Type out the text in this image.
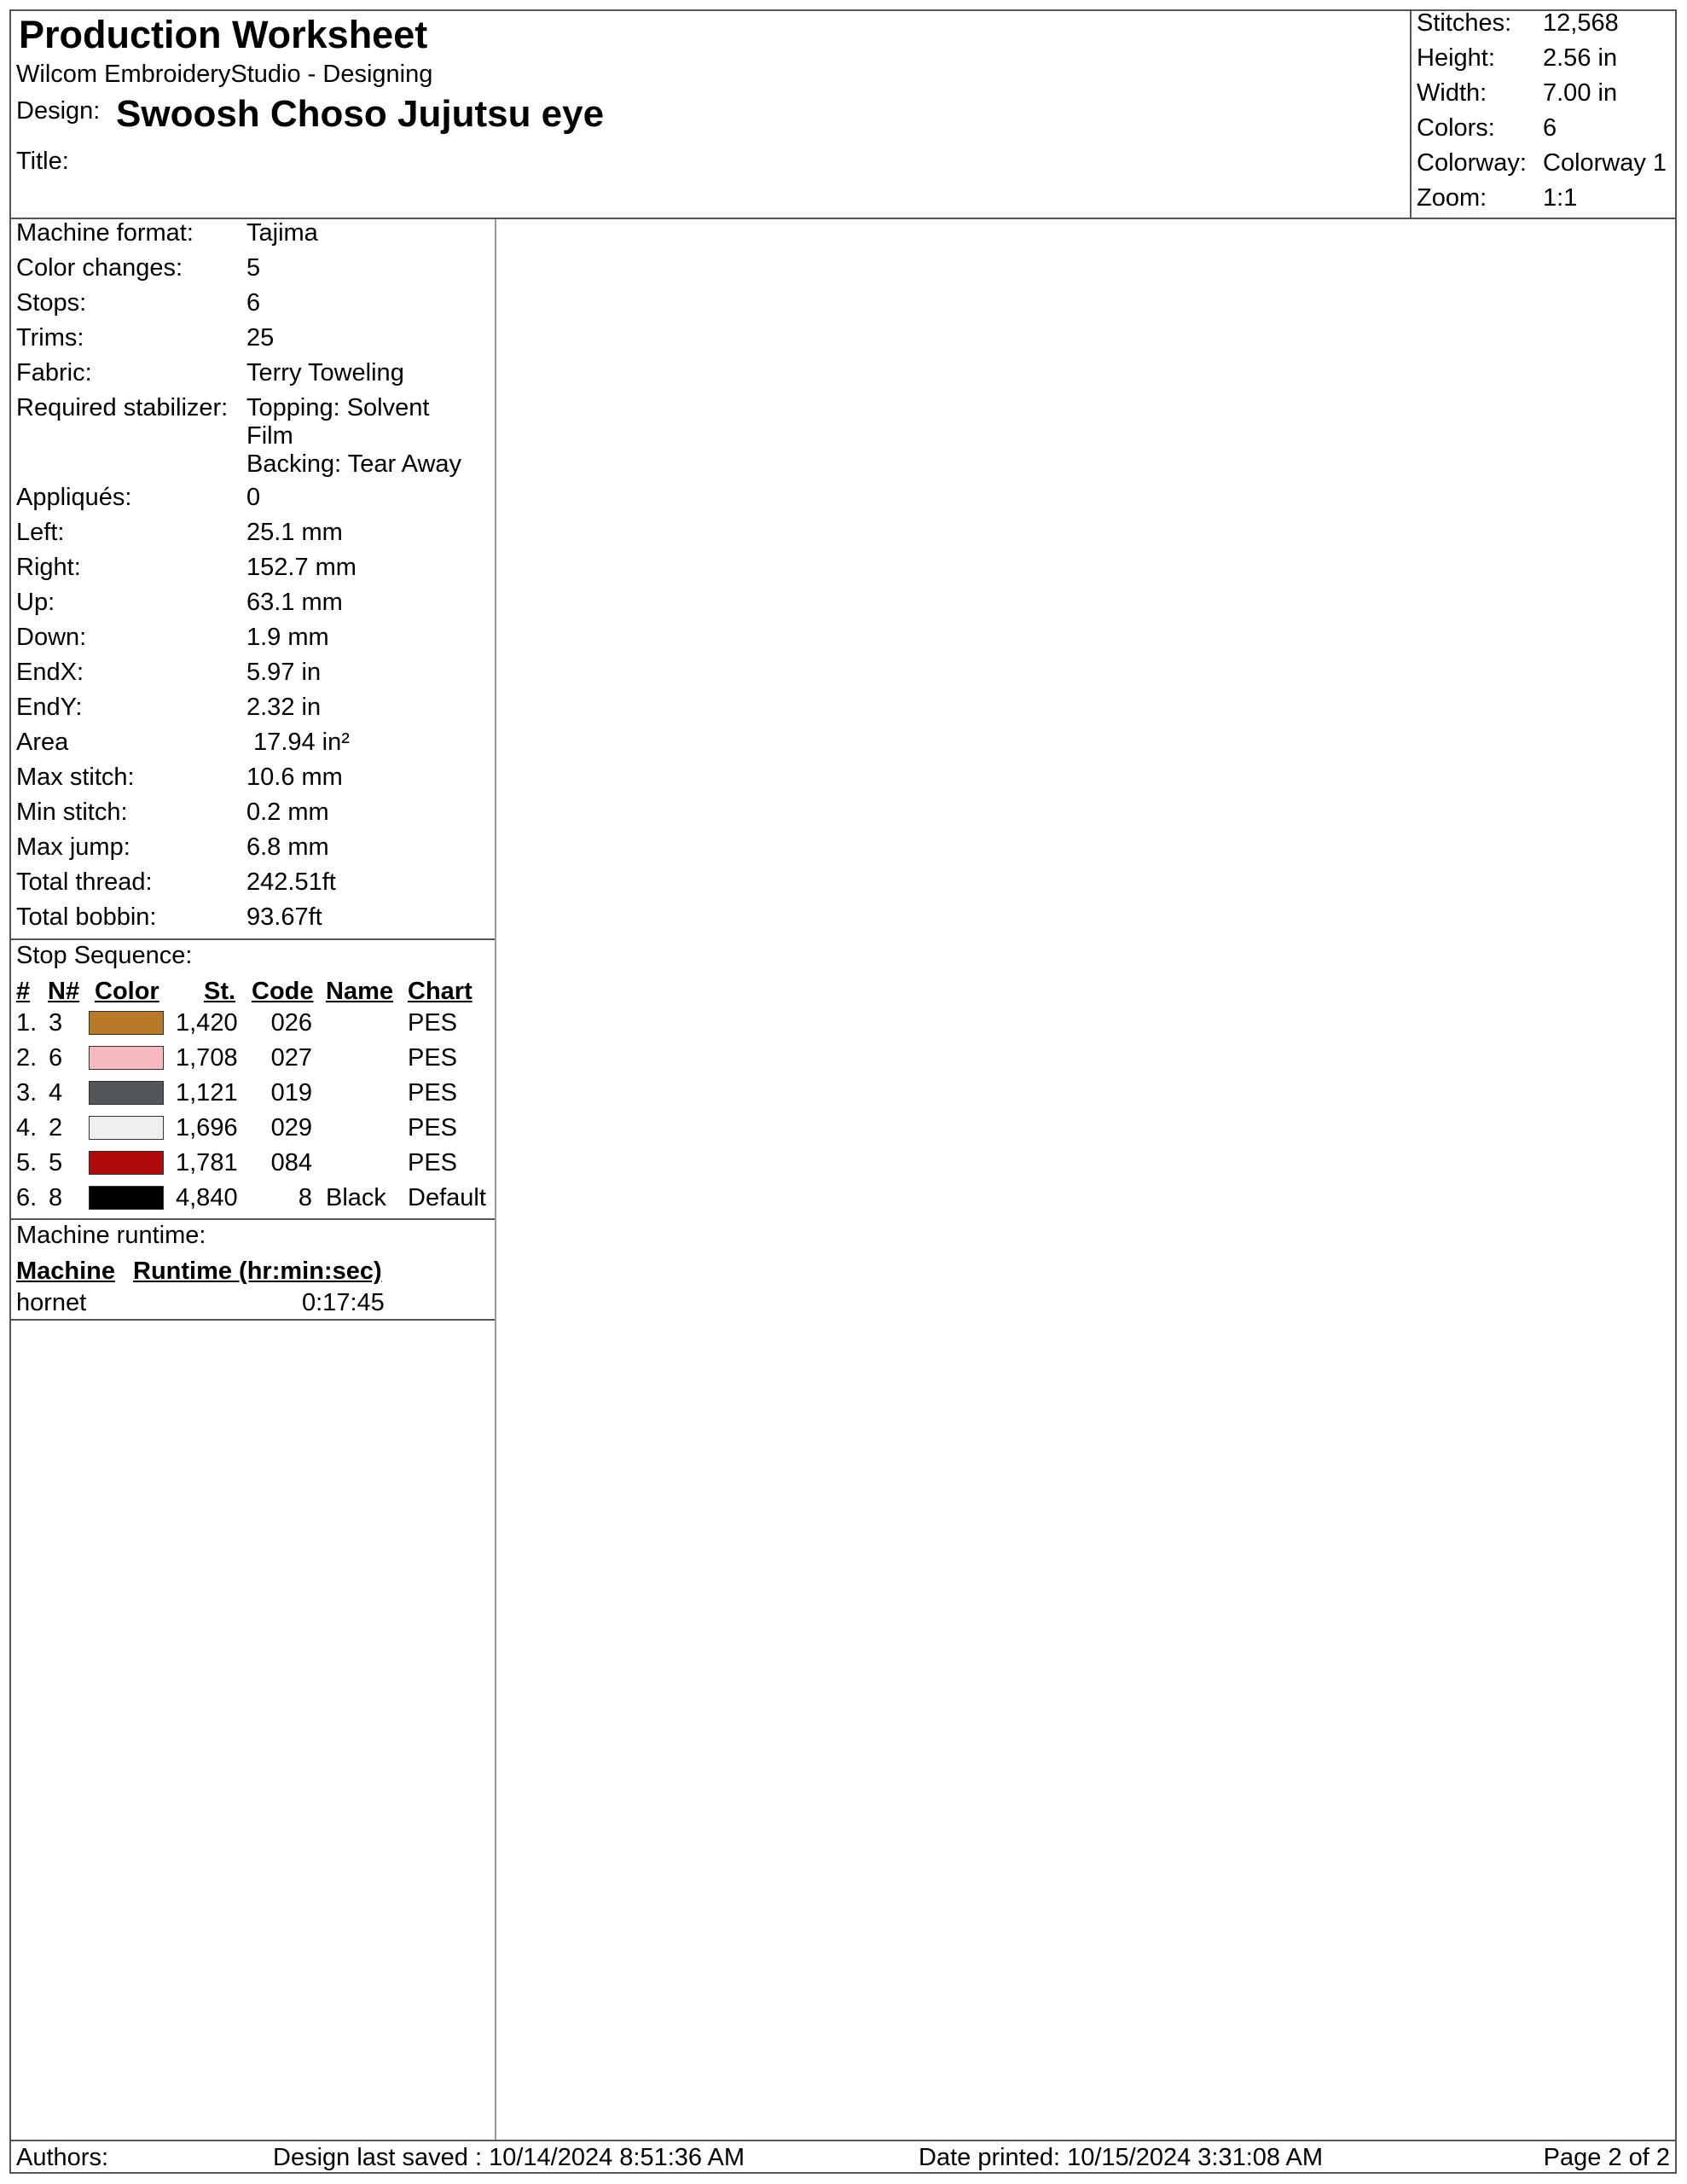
Production Worksheet
Wilcom EmbroideryStudio - Designing
Design: Swoosh Choso Jujutsu eye
Title:
Stitches: 12,568
Height: 2.56 in
Width: 7.00 in
Colors: 6
Colorway: Colorway 1
Zoom: 1:1
Machine format: Tajima
Color changes:	5
Stops:	6
Trims:	25
Fabric:	Terry Toweling
Required stabilizer: Topping: Solvent
Film
Backing: Tear Away
Appliqués:	0
Left:	25.1 mm
Right:	152.7 mm
Up:	63.1 mm
Down:	1.9 mm
EndX:	5.97 in
EndY:	2.32 in
Area	17.94 in²
Max stitch:	10.6 mm
Min stitch:	0.2 mm
Max jump:	6.8 mm
Total thread:	242.51ft
Total bobbin:	93.67ft
Stop Sequence:
# N# Color St. Code Name Chart
1. 3	1,420 026	PES
2. 6	1,708 027	PES
3. 4	1,121 019	PES
4. 2	1,696 029	PES
5. 5	1,781 084	PES
6. 8	4,840 8 Black Default
Machine runtime:
Machine Runtime (hr:min:sec)
hornet	0:17:45
Authors:	Design last saved : 10/14/2024 8:51:36 AM	Date printed: 10/15/2024 3:31:08 AM	Page 2 of 2
